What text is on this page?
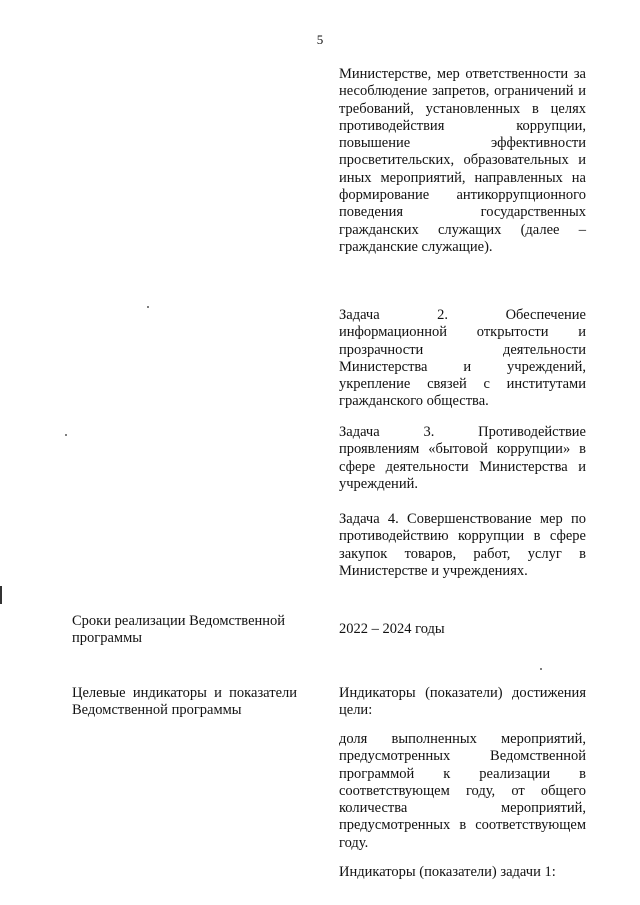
5

Министерстве, мер ответственности за несоблюдение запретов, ограничений и требований, установленных в целях противодействия коррупции, повышение эффективности просветительских, образовательных и иных мероприятий, направленных на формирование антикоррупционного поведения государственных гражданских служащих (далее – гражданские служащие).

Задача 2. Обеспечение информационной открытости и прозрачности деятельности Министерства и учреждений, укрепление связей с институтами гражданского общества.

Задача 3. Противодействие проявлениям «бытовой коррупции» в сфере деятельности Министерства и учреждений.

Задача 4. Совершенствование мер по противодействию коррупции в сфере закупок товаров, работ, услуг в Министерстве и учреждениях.

Сроки реализации Ведомственной программы

2022 – 2024 годы

Целевые индикаторы и показатели Ведомственной программы

Индикаторы (показатели) достижения цели:

доля выполненных мероприятий, предусмотренных Ведомственной программой к реализации в соответствующем году, от общего количества мероприятий, предусмотренных в соответствующем году.

Индикаторы (показатели) задачи 1:
